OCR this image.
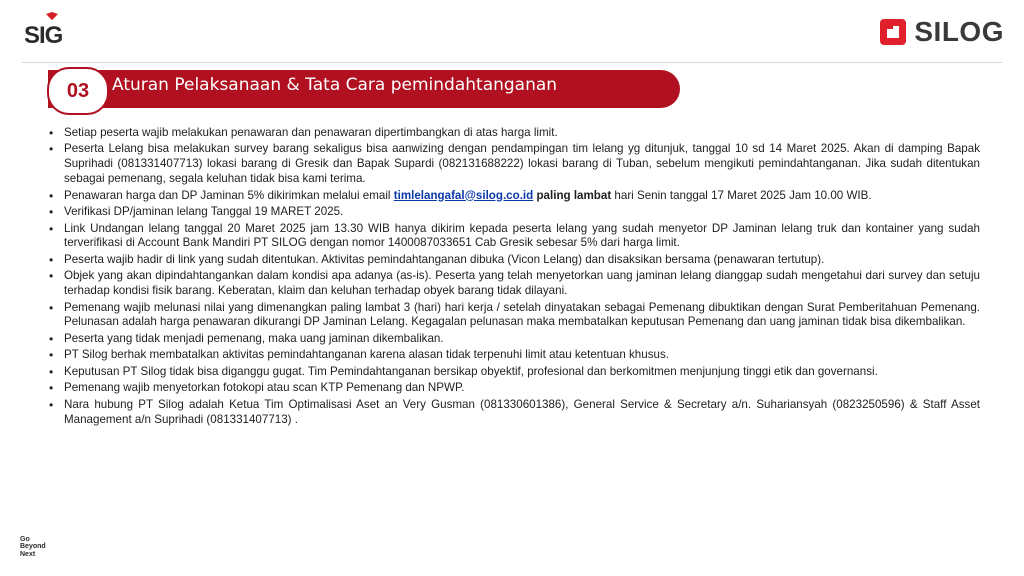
SIG	SILOG
03	Aturan Pelaksanaan & Tata Cara pemindahtanganan
• Setiap peserta wajib melakukan penawaran dan penawaran dipertimbangkan di atas harga limit.
• Peserta Lelang bisa melakukan survey barang sekaligus bisa aanwizing dengan pendampingan tim lelang yg ditunjuk, tanggal 10 sd 14 Maret 2025. Akan di damping Bapak Suprihadi (081331407713) lokasi barang di Gresik dan Bapak Supardi (082131688222) lokasi barang di Tuban, sebelum mengikuti pemindahtanganan. Jika sudah ditentukan sebagai pemenang, segala keluhan tidak bisa kami terima.
• Penawaran harga dan DP Jaminan 5% dikirimkan melalui email timlelangafal@silog.co.id paling lambat hari Senin tanggal 17 Maret 2025 Jam 10.00 WIB.
• Verifikasi DP/jaminan lelang Tanggal 19 MARET 2025.
• Link Undangan lelang tanggal 20 Maret 2025 jam 13.30 WIB hanya dikirim kepada peserta lelang yang sudah menyetor DP Jaminan lelang truk dan kontainer yang sudah terverifikasi di Account Bank Mandiri PT SILOG dengan nomor 1400087033651 Cab Gresik sebesar 5% dari harga limit.
• Peserta wajib hadir di link yang sudah ditentukan. Aktivitas pemindahtanganan dibuka (Vicon Lelang) dan disaksikan bersama (penawaran tertutup).
• Objek yang akan dipindahtangankan dalam kondisi apa adanya (as-is). Peserta yang telah menyetorkan uang jaminan lelang dianggap sudah mengetahui dari survey dan setuju terhadap kondisi fisik barang. Keberatan, klaim dan keluhan terhadap obyek barang tidak dilayani.
• Pemenang wajib melunasi nilai yang dimenangkan paling lambat 3 (hari) hari kerja / setelah dinyatakan sebagai Pemenang dibuktikan dengan Surat Pemberitahuan Pemenang. Pelunasan adalah harga penawaran dikurangi DP Jaminan Lelang. Kegagalan pelunasan maka membatalkan keputusan Pemenang dan uang jaminan tidak bisa dikembalikan.
• Peserta yang tidak menjadi pemenang, maka uang jaminan dikembalikan.
• PT Silog berhak membatalkan aktivitas pemindahtanganan karena alasan tidak terpenuhi limit atau ketentuan khusus.
• Keputusan PT Silog tidak bisa diganggu gugat. Tim Pemindahtanganan bersikap obyektif, profesional dan berkomitmen menjunjung tinggi etik dan governansi.
• Pemenang wajib menyetorkan fotokopi atau scan KTP Pemenang dan NPWP.
• Nara hubung PT Silog adalah Ketua Tim Optimalisasi Aset an Very Gusman (081330601386), General Service & Secretary a/n. Suhariansyah (0823250596) & Staff Asset Management a/n Suprihadi (081331407713) .
Go
Beyond
Next
